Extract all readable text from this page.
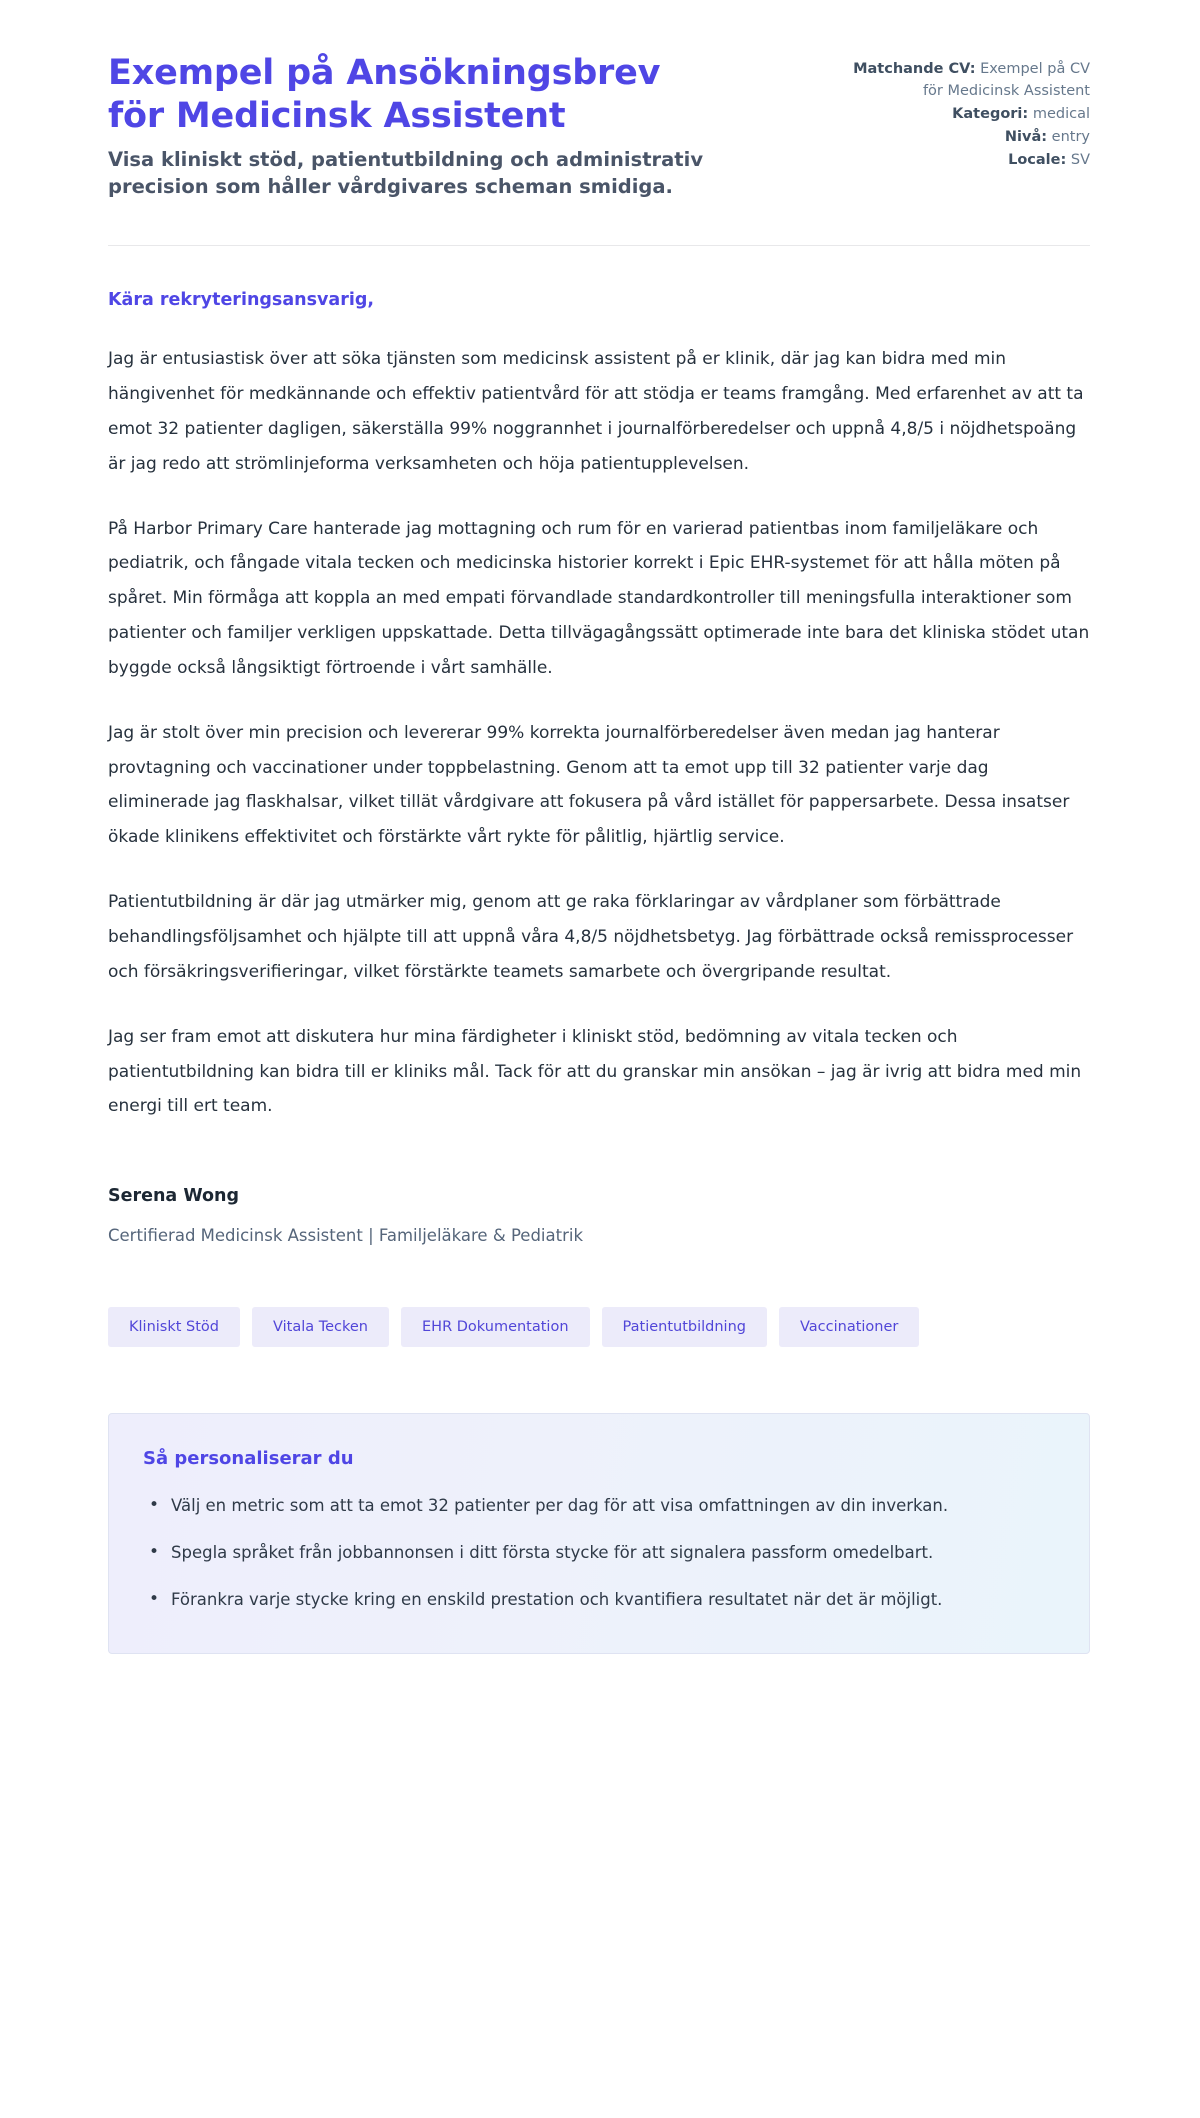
Exempel på Ansökningsbrev för Medicinsk Assistent

Visa kliniskt stöd, patientutbildning och administrativ precision som håller vårdgivares scheman smidiga.

Matchande CV: Exempel på CV för Medicinsk Assistent
Kategori: medical
Nivå: entry
Locale: SV

Kära rekryteringsansvarig,

Jag är entusiastisk över att söka tjänsten som medicinsk assistent på er klinik, där jag kan bidra med min hängivenhet för medkännande och effektiv patientvård för att stödja er teams framgång. Med erfarenhet av att ta emot 32 patienter dagligen, säkerställa 99% noggrannhet i journalförberedelser och uppnå 4,8/5 i nöjdhetspoäng är jag redo att strömlinjeforma verksamheten och höja patientupplevelsen.

På Harbor Primary Care hanterade jag mottagning och rum för en varierad patientbas inom familjeläkare och pediatrik, och fångade vitala tecken och medicinska historier korrekt i Epic EHR-systemet för att hålla möten på spåret. Min förmåga att koppla an med empati förvandlade standardkontroller till meningsfulla interaktioner som patienter och familjer verkligen uppskattade. Detta tillvägagångssätt optimerade inte bara det kliniska stödet utan byggde också långsiktigt förtroende i vårt samhälle.

Jag är stolt över min precision och levererar 99% korrekta journalförberedelser även medan jag hanterar provtagning och vaccinationer under toppbelastning. Genom att ta emot upp till 32 patienter varje dag eliminerade jag flaskhalsar, vilket tillät vårdgivare att fokusera på vård istället för pappersarbete. Dessa insatser ökade klinikens effektivitet och förstärkte vårt rykte för pålitlig, hjärtlig service.

Patientutbildning är där jag utmärker mig, genom att ge raka förklaringar av vårdplaner som förbättrade behandlingsföljsamhet och hjälpte till att uppnå våra 4,8/5 nöjdhetsbetyg. Jag förbättrade också remissprocesser och försäkringsverifieringar, vilket förstärkte teamets samarbete och övergripande resultat.

Jag ser fram emot att diskutera hur mina färdigheter i kliniskt stöd, bedömning av vitala tecken och patientutbildning kan bidra till er kliniks mål. Tack för att du granskar min ansökan – jag är ivrig att bidra med min energi till ert team.

Serena Wong
Certifierad Medicinsk Assistent | Familjeläkare & Pediatrik
Kliniskt Stöd	Vitala Tecken	EHR Dokumentation	Patientutbildning	Vaccinationer
Så personaliserar du
• Välj en metric som att ta emot 32 patienter per dag för att visa omfattningen av din inverkan.
• Spegla språket från jobbannonsen i ditt första stycke för att signalera passform omedelbart.
• Förankra varje stycke kring en enskild prestation och kvantifiera resultatet när det är möjligt.
